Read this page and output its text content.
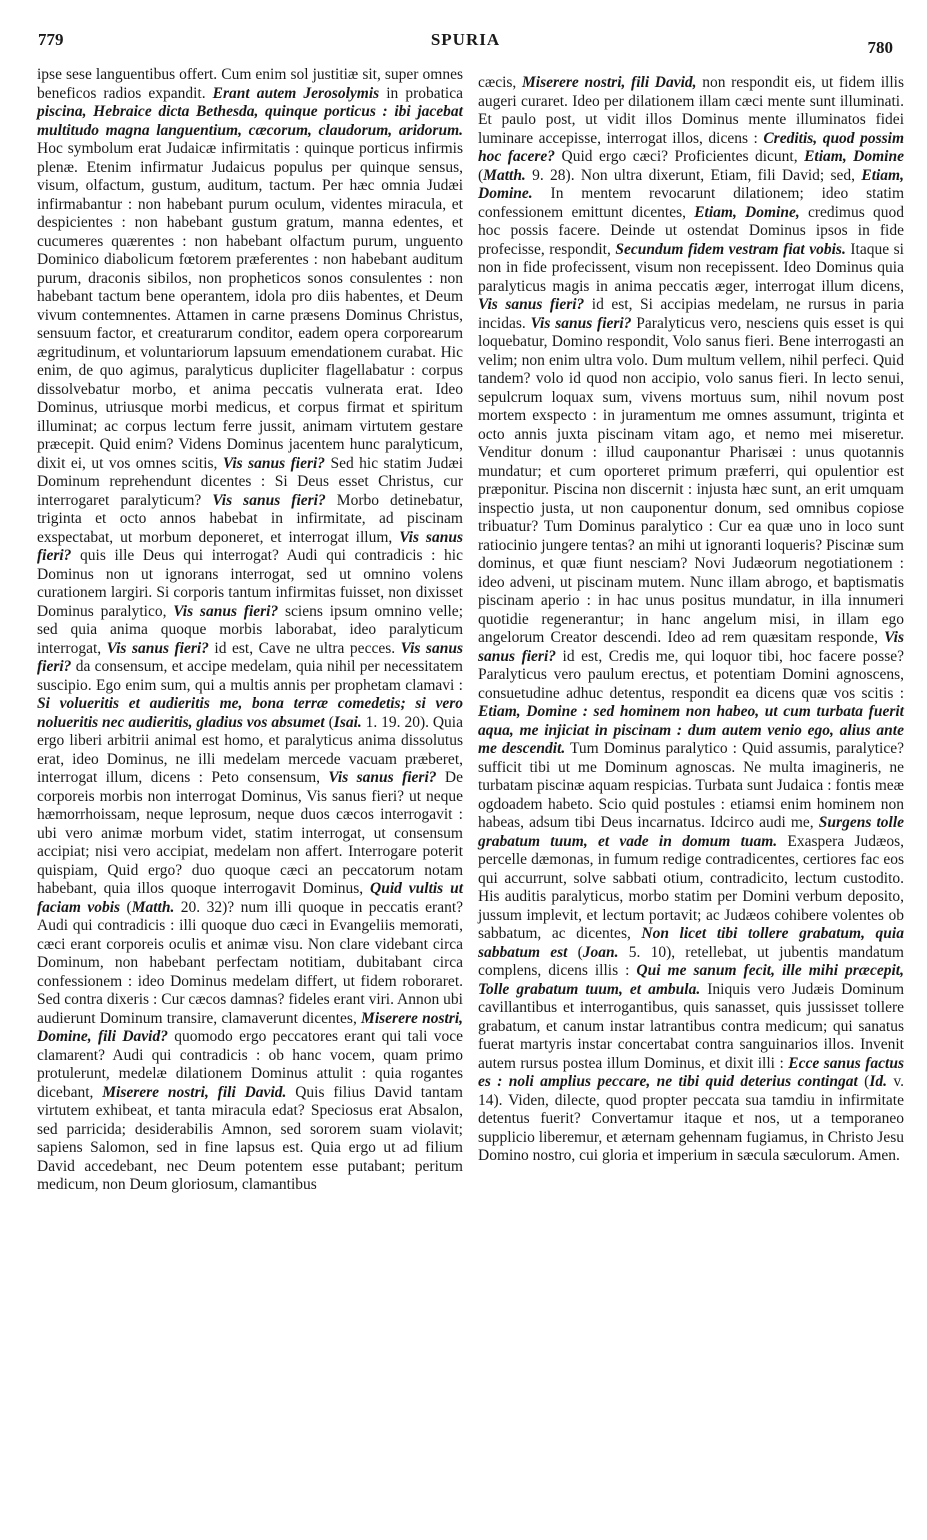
779	SPURIA	780

ipse sese languentibus offert. Cum enim sol justitiæ sit, super omnes beneficos radios expandit. Erant autem Jerosolymis in probatica piscina, Hebraice dicta Bethesda, quinque porticus : ibi jacebat multitudo magna languentium, cæcorum, claudorum, aridorum. Hoc symbolum erat Judaicæ infirmitatis : quinque porticus infirmis plenæ. Etenim infirmatur Judaicus populus per quinque sensus, visum, olfactum, gustum, auditum, tactum. Per hæc omnia Judæi infirmabantur : non habebant purum oculum, videntes miracula, et despicientes : non habebant gustum gratum, manna edentes, et cucumeres quærentes : non habebant olfactum purum, unguento Dominico diabolicum fœtorem præferentes : non habebant auditum purum, draconis sibilos, non propheticos sonos consulentes : non habebant tactum bene operantem, idola pro diis habentes, et Deum vivum contemnentes. Attamen in carne præsens Dominus Christus, sensuum factor, et creaturarum conditor, eadem opera corporearum ægritudinum, et voluntariorum lapsuum emendationem curabat. Hic enim, de quo agimus, paralyticus dupliciter flagellabatur : corpus dissolvebatur morbo, et anima peccatis vulnerata erat. Ideo Dominus, utriusque morbi medicus, et corpus firmat et spiritum illuminat; ac corpus lectum ferre jussit, animam virtutem gestare præcepit. Quid enim? Videns Dominus jacentem hunc paralyticum, dixit ei, ut vos omnes scitis, Vis sanus fieri? Sed hic statim Judæi Dominum reprehendunt dicentes : Si Deus esset Christus, cur interrogaret paralyticum? Vis sanus fieri? Morbo detinebatur, triginta et octo annos habebat in infirmitate, ad piscinam exspectabat, ut morbum deponeret, et interrogat illum, Vis sanus fieri? quis ille Deus qui interrogat? Audi qui contradicis : hic Dominus non ut ignorans interrogat, sed ut omnino volens curationem largiri. Si corporis tantum infirmitas fuisset, non dixisset Dominus paralytico, Vis sanus fieri? sciens ipsum omnino velle; sed quia anima quoque morbis laborabat, ideo paralyticum interrogat, Vis sanus fieri? id est, Cave ne ultra pecces. Vis sanus fieri? da consensum, et accipe medelam, quia nihil per necessitatem suscipio. Ego enim sum, qui a multis annis per prophetam clamavi : Si volueritis et audieritis me, bona terræ comedetis; si vero nolueritis nec audieritis, gladius vos absumet (Isai. 1. 19. 20). Quia ergo liberi arbitrii animal est homo, et paralyticus anima dissolutus erat, ideo Dominus, ne illi medelam mercede vacuam præberet, interrogat illum, dicens : Peto consensum, Vis sanus fieri? De corporeis morbis non interrogat Dominus, Vis sanus fieri? ut neque hæmorrhoissam, neque leprosum, neque duos cæcos interrogavit : ubi vero animæ morbum videt, statim interrogat, ut consensum accipiat; nisi vero accipiat, medelam non affert. Interrogare poterit quispiam, Quid ergo? duo quoque cæci an peccatorum notam habebant, quia illos quoque interrogavit Dominus, Quid vultis ut faciam vobis (Matth. 20. 32)? num illi quoque in peccatis erant? Audi qui contradicis : illi quoque duo cæci in Evangeliis memorati, cæci erant corporeis oculis et animæ visu. Non clare videbant circa Dominum, non habebant perfectam notitiam, dubitabant circa confessionem : ideo Dominus medelam differt, ut fidem roboraret. Sed contra dixeris : Cur cæcos damnas? fideles erant viri. Annon ubi audierunt Dominum transire, clamaverunt dicentes, Miserere nostri, Domine, fili David? quomodo ergo peccatores erant qui tali voce clamarent? Audi qui contradicis : ob hanc vocem, quam primo protulerunt, medelæ dilationem Dominus attulit : quia rogantes dicebant, Miserere nostri, fili David. Quis filius David tantam virtutem exhibeat, et tanta miracula edat? Speciosus erat Absalon, sed parricida; desiderabilis Amnon, sed sororem suam violavit; sapiens Salomon, sed in fine lapsus est. Quia ergo ut ad filium David accedebant, nec Deum potentem esse putabant; peritum medicum, non Deum gloriosum, clamantibus

cæcis, Miserere nostri, fili David, non respondit eis, ut fidem illis augeri curaret. Ideo per dilationem illam cæci mente sunt illuminati. Et paulo post, ut vidit illos Dominus mente illuminatos fidei luminare accepisse, interrogat illos, dicens : Creditis, quod possim hoc facere? Quid ergo cæci? Proficientes dicunt, Etiam, Domine (Matth. 9. 28). Non ultra dixerunt, Etiam, fili David; sed, Etiam, Domine. In mentem revocarunt dilationem; ideo statim confessionem emittunt dicentes, Etiam, Domine, credimus quod hoc possis facere. Deinde ut ostendat Dominus ipsos in fide profecisse, respondit, Secundum fidem vestram fiat vobis. Itaque si non in fide profecissent, visum non recepissent. Ideo Dominus quia paralyticus magis in anima peccatis æger, interrogat illum dicens, Vis sanus fieri? id est, Si accipias medelam, ne rursus in paria incidas. Vis sanus fieri? Paralyticus vero, nesciens quis esset is qui loquebatur, Domino respondit, Volo sanus fieri. Bene interrogasti an velim; non enim ultra volo. Dum multum vellem, nihil perfeci. Quid tandem? volo id quod non accipio, volo sanus fieri. In lecto senui, sepulcrum loquax sum, vivens mortuus sum, nihil novum post mortem exspecto : in juramentum me omnes assumunt, triginta et octo annis juxta piscinam vitam ago, et nemo mei miseretur. Venditur donum : illud cauponantur Pharisæi : unus quotannis mundatur; et cum oporteret primum præferri, qui opulentior est præponitur. Piscina non discernit : injusta hæc sunt, an erit umquam inspectio justa, ut non cauponentur donum, sed omnibus copiose tribuatur? Tum Dominus paralytico : Cur ea quæ uno in loco sunt ratiocinio jungere tentas? an mihi ut ignoranti loqueris? Piscinæ sum dominus, et quæ fiunt nesciam? Novi Judæorum negotiationem : ideo adveni, ut piscinam mutem. Nunc illam abrogo, et baptismatis piscinam aperio : in hac unus positus mundatur, in illa innumeri quotidie regenerantur; in hanc angelum misi, in illam ego angelorum Creator descendi. Ideo ad rem quæsitam responde, Vis sanus fieri? id est, Credis me, qui loquor tibi, hoc facere posse? Paralyticus vero paulum erectus, et potentiam Domini agnoscens, consuetudine adhuc detentus, respondit ea dicens quæ vos scitis : Etiam, Domine : sed hominem non habeo, ut cum turbata fuerit aqua, me injiciat in piscinam : dum autem venio ego, alius ante me descendit. Tum Dominus paralytico : Quid assumis, paralytice? sufficit tibi ut me Dominum agnoscas. Ne multa imagineris, ne turbatam piscinæ aquam respicias. Turbata sunt Judaica : fontis meæ ogdoadem habeto. Scio quid postules : etiamsi enim hominem non habeas, adsum tibi Deus incarnatus. Idcirco audi me, Surgens tolle grabatum tuum, et vade in domum tuam. Exaspera Judæos, percelle dæmonas, in fumum redige contradicentes, certiores fac eos qui accurrunt, solve sabbati otium, contradicito, lectum custodito. His auditis paralyticus, morbo statim per Domini verbum deposito, jussum implevit, et lectum portavit; ac Judæos cohibere volentes ob sabbatum, ac dicentes, Non licet tibi tollere grabatum, quia sabbatum est (Joan. 5. 10), retellebat, ut jubentis mandatum complens, dicens illis : Qui me sanum fecit, ille mihi præcepit, Tolle grabatum tuum, et ambula. Iniquis vero Judæis Dominum cavillantibus et interrogantibus, quis sanasset, quis jussisset tollere grabatum, et canum instar latrantibus contra medicum; qui sanatus fuerat martyris instar concertabat contra sanguinarios illos. Invenit autem rursus postea illum Dominus, et dixit illi : Ecce sanus factus es : noli amplius peccare, ne tibi quid deterius contingat (Id. v. 14). Viden, dilecte, quod propter peccata sua tamdiu in infirmitate detentus fuerit? Convertamur itaque et nos, ut a temporaneo supplicio liberemur, et æternam gehennam fugiamus, in Christo Jesu Domino nostro, cui gloria et imperium in sæcula sæculorum. Amen.
